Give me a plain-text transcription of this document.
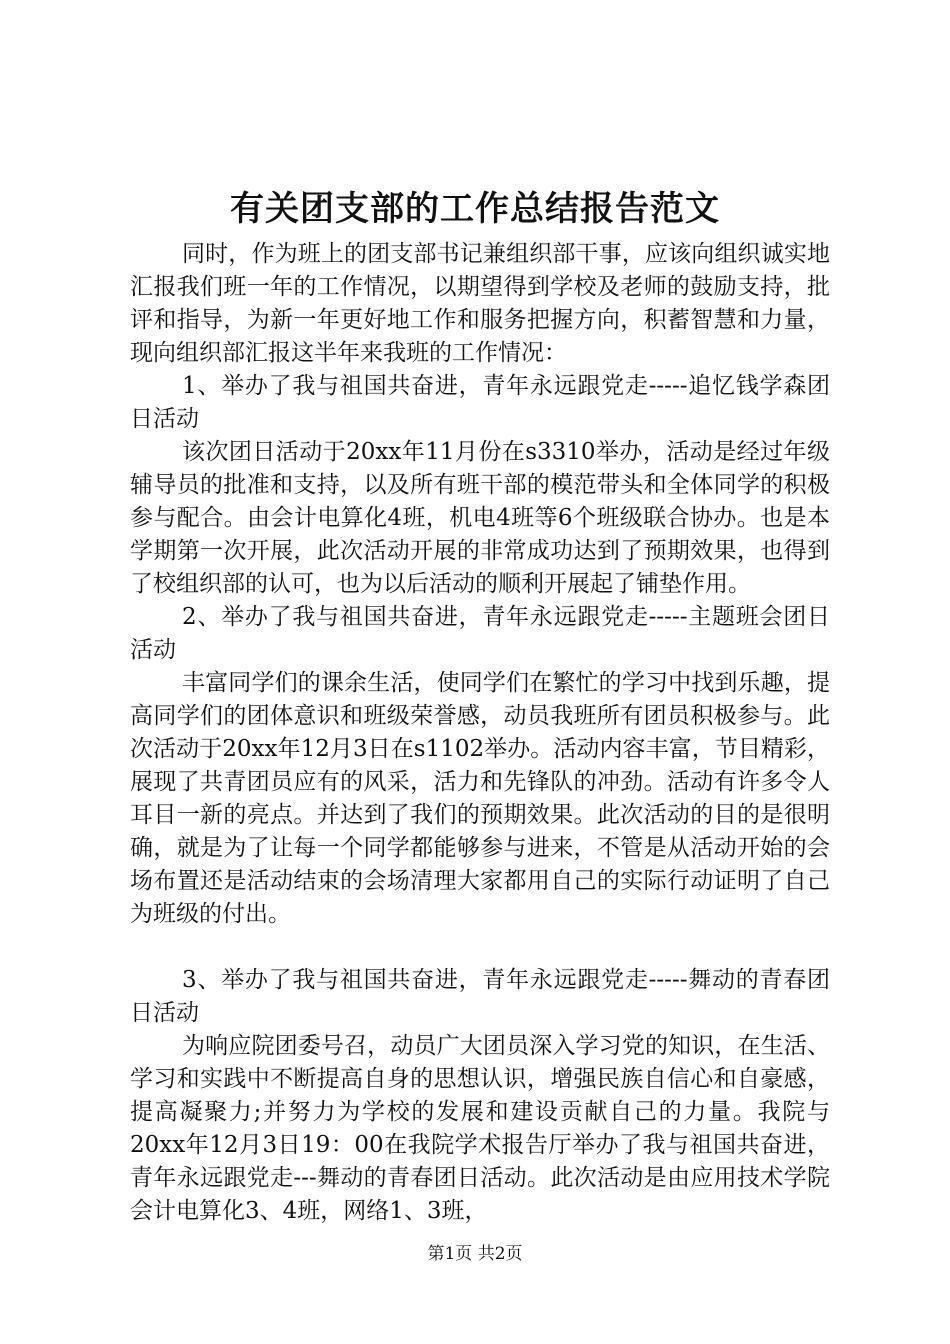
有关团支部的工作总结报告范文

同时，作为班上的团支部书记兼组织部干事，应该向组织诚实地汇报我们班一年的工作情况，以期望得到学校及老师的鼓励支持，批评和指导，为新一年更好地工作和服务把握方向，积蓄智慧和力量，现向组织部汇报这半年来我班的工作情况：

1、举办了我与祖国共奋进，青年永远跟党走-----追忆钱学森团日活动

该次团日活动于20xx年11月份在s3310举办，活动是经过年级辅导员的批准和支持，以及所有班干部的模范带头和全体同学的积极参与配合。由会计电算化4班，机电4班等6个班级联合协办。也是本学期第一次开展，此次活动开展的非常成功达到了预期效果，也得到了校组织部的认可，也为以后活动的顺利开展起了铺垫作用。

2、举办了我与祖国共奋进，青年永远跟党走-----主题班会团日活动

丰富同学们的课余生活，使同学们在繁忙的学习中找到乐趣，提高同学们的团体意识和班级荣誉感，动员我班所有团员积极参与。此次活动于20xx年12月3日在s1102举办。活动内容丰富，节目精彩，展现了共青团员应有的风采，活力和先锋队的冲劲。活动有许多令人耳目一新的亮点。并达到了我们的预期效果。此次活动的目的是很明确，就是为了让每一个同学都能够参与进来，不管是从活动开始的会场布置还是活动结束的会场清理大家都用自己的实际行动证明了自己为班级的付出。

3、举办了我与祖国共奋进，青年永远跟党走-----舞动的青春团日活动

为响应院团委号召，动员广大团员深入学习党的知识，在生活、学习和实践中不断提高自身的思想认识，增强民族自信心和自豪感，提高凝聚力;并努力为学校的发展和建设贡献自己的力量。我院与20xx年12月3日19：00在我院学术报告厅举办了我与祖国共奋进，青年永远跟党走---舞动的青春团日活动。此次活动是由应用技术学院会计电算化3、4班，网络1、3班，

第1页 共2页
